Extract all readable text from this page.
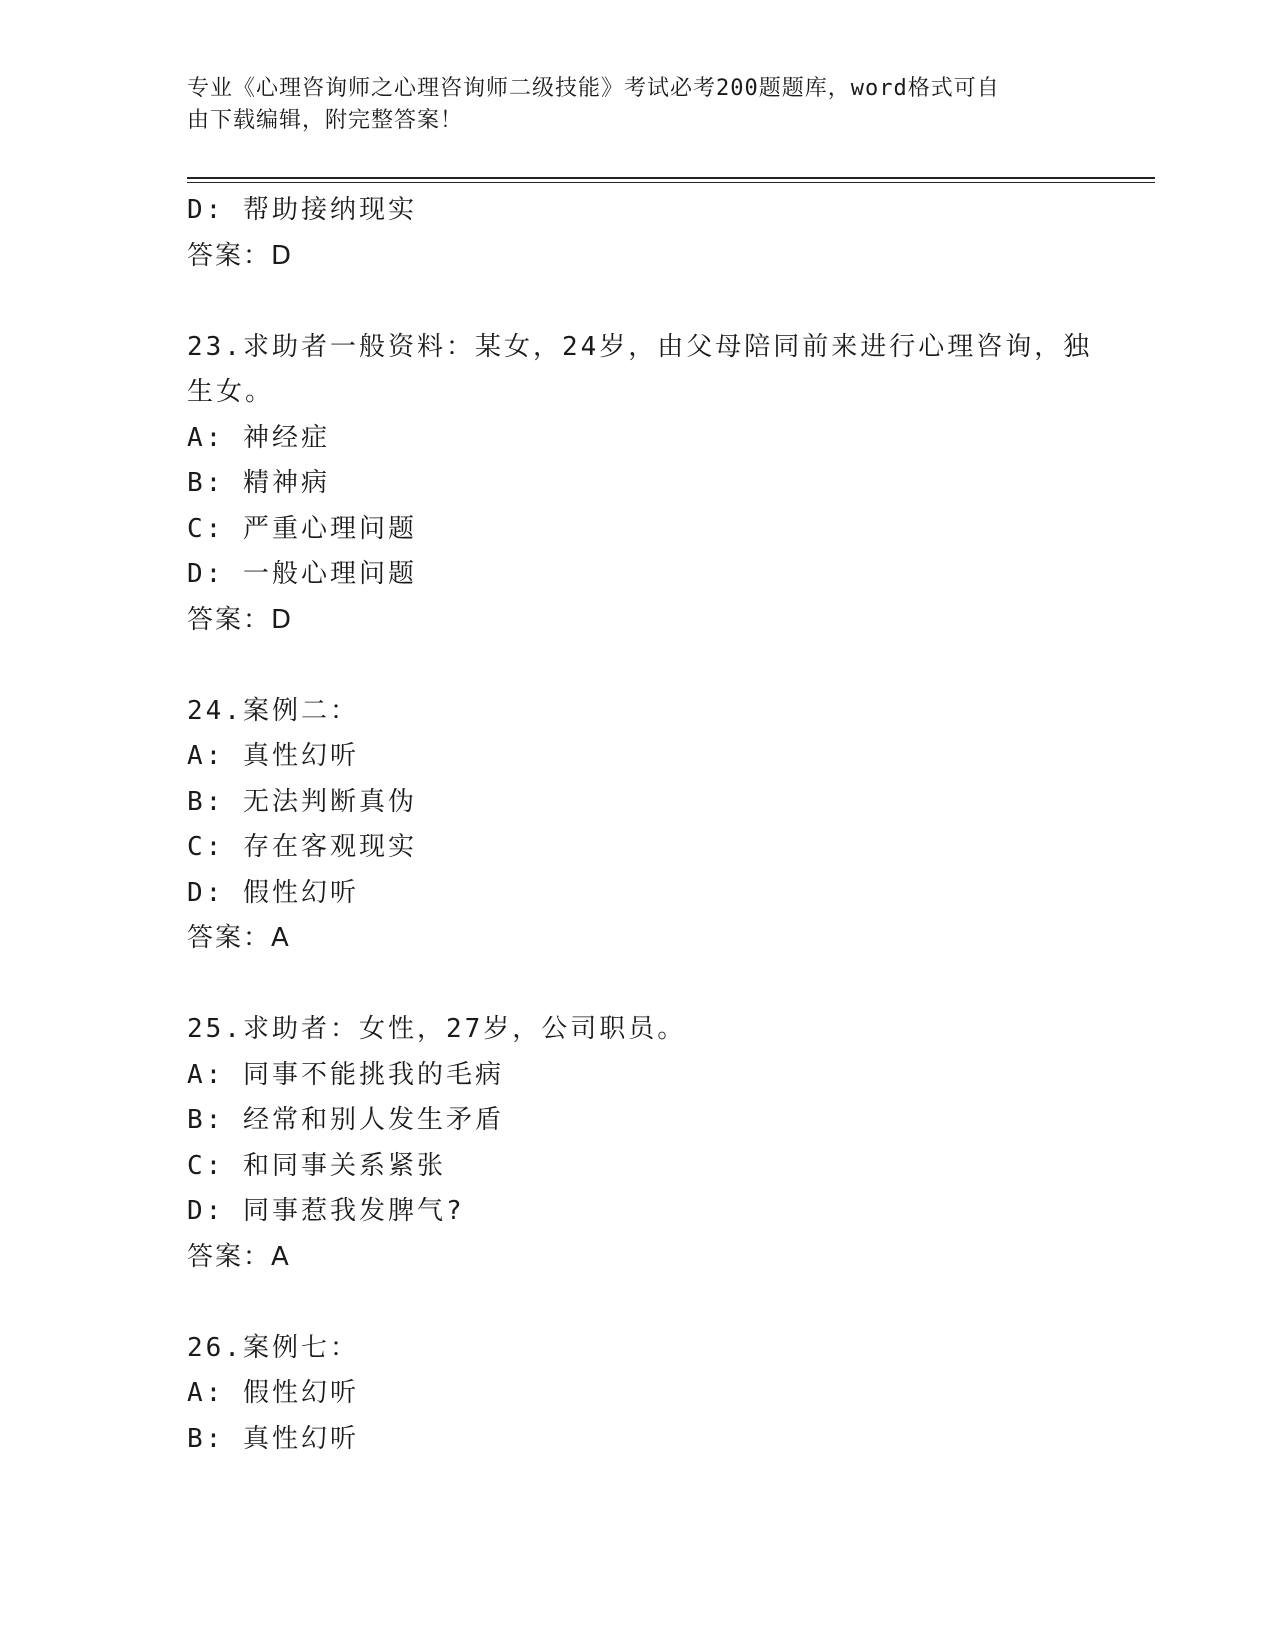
专业《心理咨询师之心理咨询师二级技能》考试必考200题题库，word格式可自

由下载编辑，附完整答案！

D: 帮助接纳现实
答案：D
23.求助者一般资料：某女，24岁，由父母陪同前来进行心理咨询，独
生女。
A: 神经症
B: 精神病
C: 严重心理问题
D: 一般心理问题
答案：D
24.案例二：
A: 真性幻听
B: 无法判断真伪
C: 存在客观现实
D: 假性幻听
答案：A
25.求助者：女性，27岁，公司职员。
A: 同事不能挑我的毛病
B: 经常和别人发生矛盾
C: 和同事关系紧张
D: 同事惹我发脾气?
答案：A
26.案例七：
A: 假性幻听
B: 真性幻听
